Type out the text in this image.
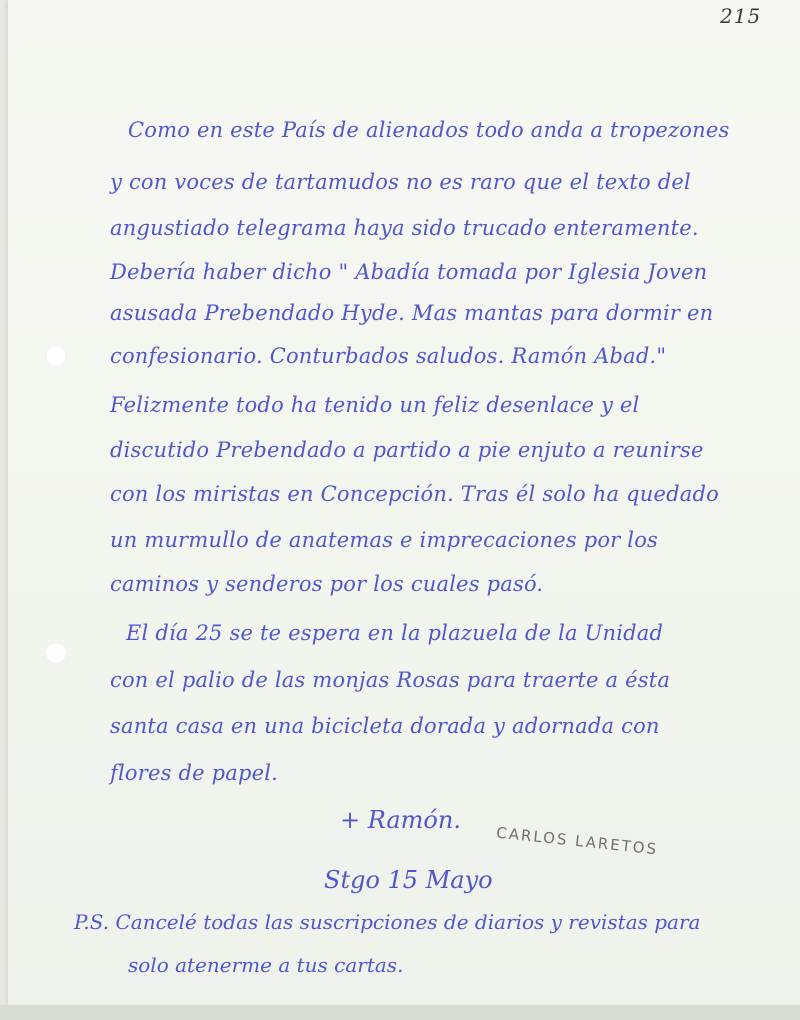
215
Como en este País de alienados todo anda a tropezones
y con voces de tartamudos no es raro que el texto del
angustiado telegrama haya sido trucado enteramente.
Debería haber dicho " Abadía tomada por Iglesia Joven
asusada Prebendado Hyde. Mas mantas para dormir en
confesionario. Conturbados saludos. Ramón Abad."
Felizmente todo ha tenido un feliz desenlace y el
discutido Prebendado a partido a pie enjuto a reunirse
con los miristas en Concepción. Tras él solo ha quedado
un murmullo de anatemas e imprecaciones por los
caminos y senderos por los cuales pasó.
El día 25 se te espera en la plazuela de la Unidad
con el palio de las monjas Rosas para traerte a ésta
santa casa en una bicicleta dorada y adornada con
flores de papel.
+ Ramón.
CARLOS LARETOS
Stgo 15 Mayo
P.S. Cancelé todas las suscripciones de diarios y revistas para
solo atenerme a tus cartas.
